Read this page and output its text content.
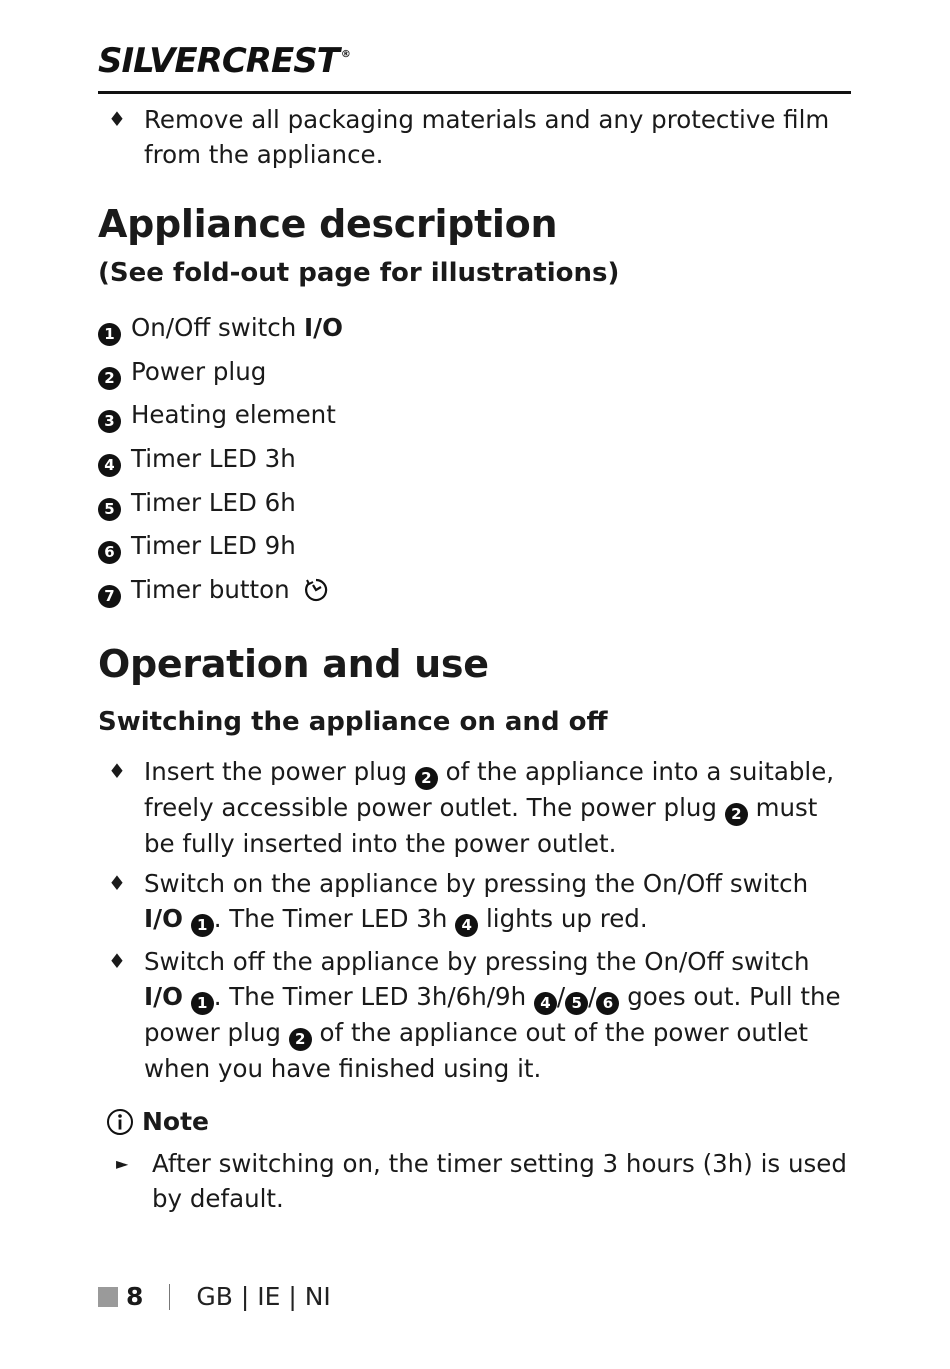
SILVERCREST ®
♦ Remove all packaging materials and any protective film from the appliance.
Appliance description
(See fold-out page for illustrations)
1 On/Off switch I/O
2 Power plug
3 Heating element
4 Timer LED 3h
5 Timer LED 6h
6 Timer LED 9h
7 Timer button
Operation and use
Switching the appliance on and off
♦ Insert the power plug 2 of the appliance into a suitable, freely accessible power outlet. The power plug 2 must be fully inserted into the power outlet.
♦ Switch on the appliance by pressing the On/Off switch I/O 1 . The Timer LED 3h 4 lights up red.
♦ Switch off the appliance by pressing the On/Off switch I/O 1 . The Timer LED 3h/6h/9h 4 / 5 / 6 goes out. Pull the power plug 2 of the appliance out of the power outlet when you have finished using it.
Note
► After switching on, the timer setting 3 hours (3h) is used by default.
8 GB | IE | NI
